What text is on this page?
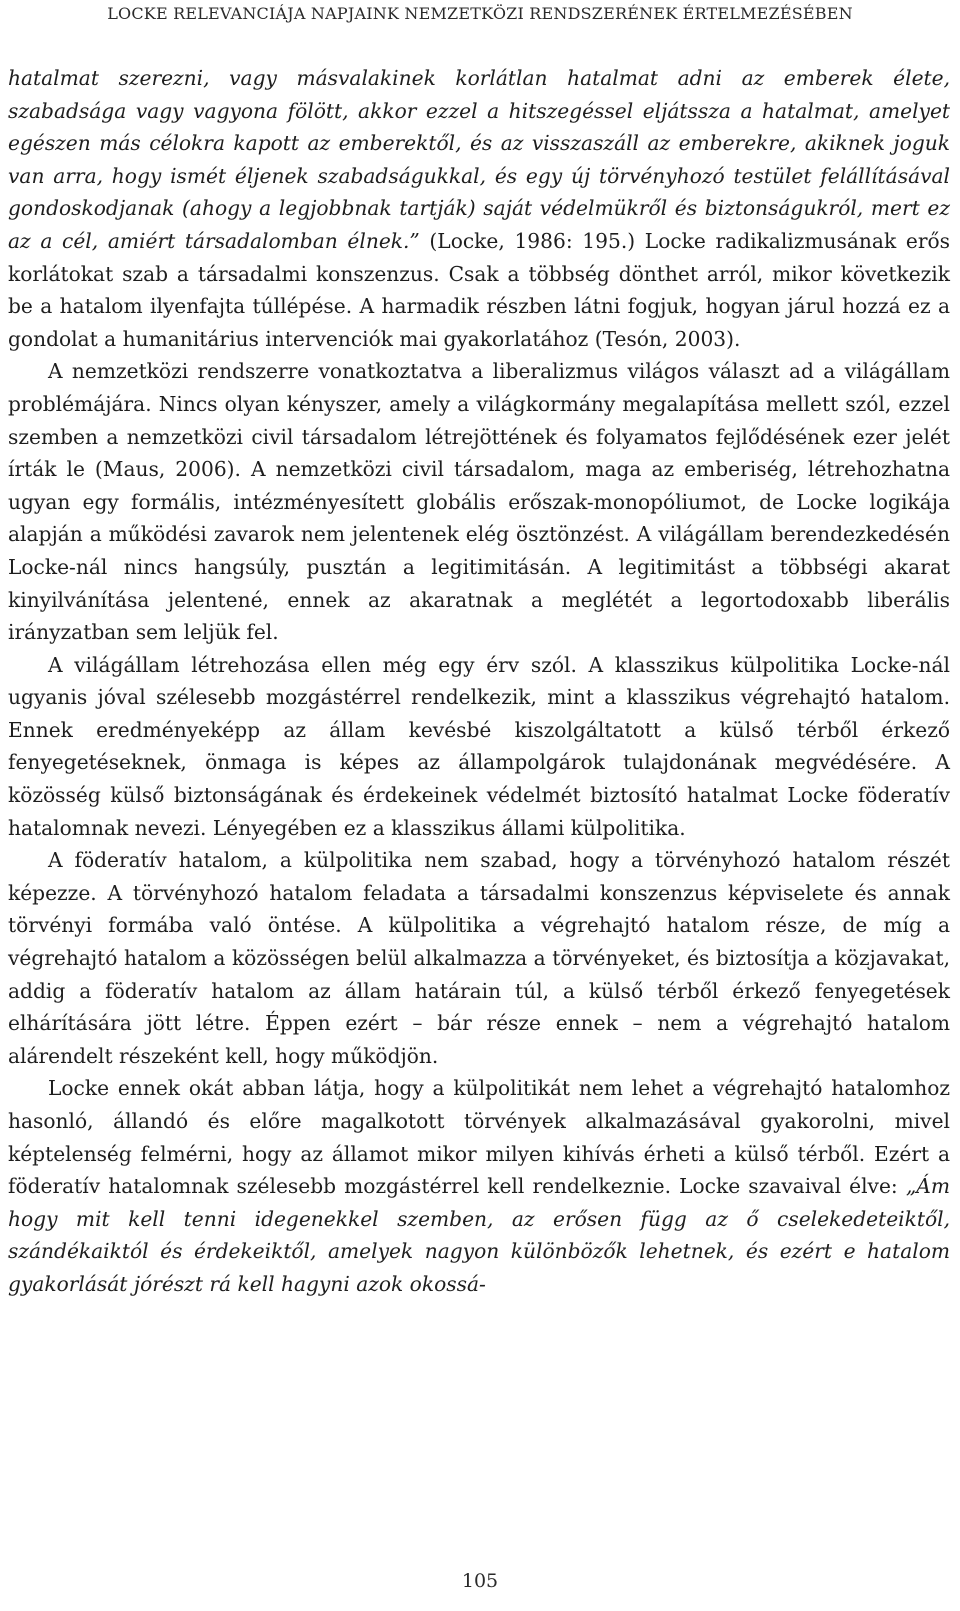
LOCKE RELEVANCIÁJA NAPJAINK NEMZETKÖZI RENDSZERÉNEK ÉRTELMEZÉSÉBEN

hatalmat szerezni, vagy másvalakinek korlátlan hatalmat adni az emberek élete, szabadsága vagy vagyona fölött, akkor ezzel a hitszegéssel eljátssza a hatalmat, amelyet egészen más célokra kapott az emberektől, és az visszaszáll az emberekre, akiknek joguk van arra, hogy ismét éljenek szabadságukkal, és egy új törvényhozó testület felállításával gondoskodjanak (ahogy a legjobbnak tartják) saját védelmükről és biztonságukról, mert ez az a cél, amiért társadalomban élnek.” (Locke, 1986: 195.) Locke radikalizmusának erős korlátokat szab a társadalmi konszenzus. Csak a többség dönthet arról, mikor következik be a hatalom ilyenfajta túllépése. A harmadik részben látni fogjuk, hogyan járul hozzá ez a gondolat a humanitárius intervenciók mai gyakorlatához (Tesón, 2003).

A nemzetközi rendszerre vonatkoztatva a liberalizmus világos választ ad a világállam problémájára. Nincs olyan kényszer, amely a világkormány megalapítása mellett szól, ezzel szemben a nemzetközi civil társadalom létrejöttének és folyamatos fejlődésének ezer jelét írták le (Maus, 2006). A nemzetközi civil társadalom, maga az emberiség, létrehozhatna ugyan egy formális, intézményesített globális erőszak-monopóliumot, de Locke logikája alapján a működési zavarok nem jelentenek elég ösztönzést. A világállam berendezkedésén Locke-nál nincs hangsúly, pusztán a legitimitásán. A legitimitást a többségi akarat kinyilvánítása jelentené, ennek az akaratnak a meglétét a legortodoxabb liberális irányzatban sem leljük fel.

A világállam létrehozása ellen még egy érv szól. A klasszikus külpolitika Locke-nál ugyanis jóval szélesebb mozgástérrel rendelkezik, mint a klasszikus végrehajtó hatalom. Ennek eredményeképp az állam kevésbé kiszolgáltatott a külső térből érkező fenyegetéseknek, önmaga is képes az állampolgárok tulajdonának megvédésére. A közösség külső biztonságának és érdekeinek védelmét biztosító hatalmat Locke föderatív hatalomnak nevezi. Lényegében ez a klasszikus állami külpolitika.

A föderatív hatalom, a külpolitika nem szabad, hogy a törvényhozó hatalom részét képezze. A törvényhozó hatalom feladata a társadalmi konszenzus képviselete és annak törvényi formába való öntése. A külpolitika a végrehajtó hatalom része, de míg a végrehajtó hatalom a közösségen belül alkalmazza a törvényeket, és biztosítja a közjavakat, addig a föderatív hatalom az állam határain túl, a külső térből érkező fenyegetések elhárítására jött létre. Éppen ezért – bár része ennek – nem a végrehajtó hatalom alárendelt részeként kell, hogy működjön.

Locke ennek okát abban látja, hogy a külpolitikát nem lehet a végrehajtó hatalomhoz hasonló, állandó és előre magalkotott törvények alkalmazásával gyakorolni, mivel képtelenség felmérni, hogy az államot mikor milyen kihívás érheti a külső térből. Ezért a föderatív hatalomnak szélesebb mozgástérrel kell rendelkeznie. Locke szavaival élve: „Ám hogy mit kell tenni idegenekkel szemben, az erősen függ az ő cselekedeteiktől, szándékaiktól és érdekeiktől, amelyek nagyon különbözők lehetnek, és ezért e hatalom gyakorlását jórészt rá kell hagyni azok okossá-

105
